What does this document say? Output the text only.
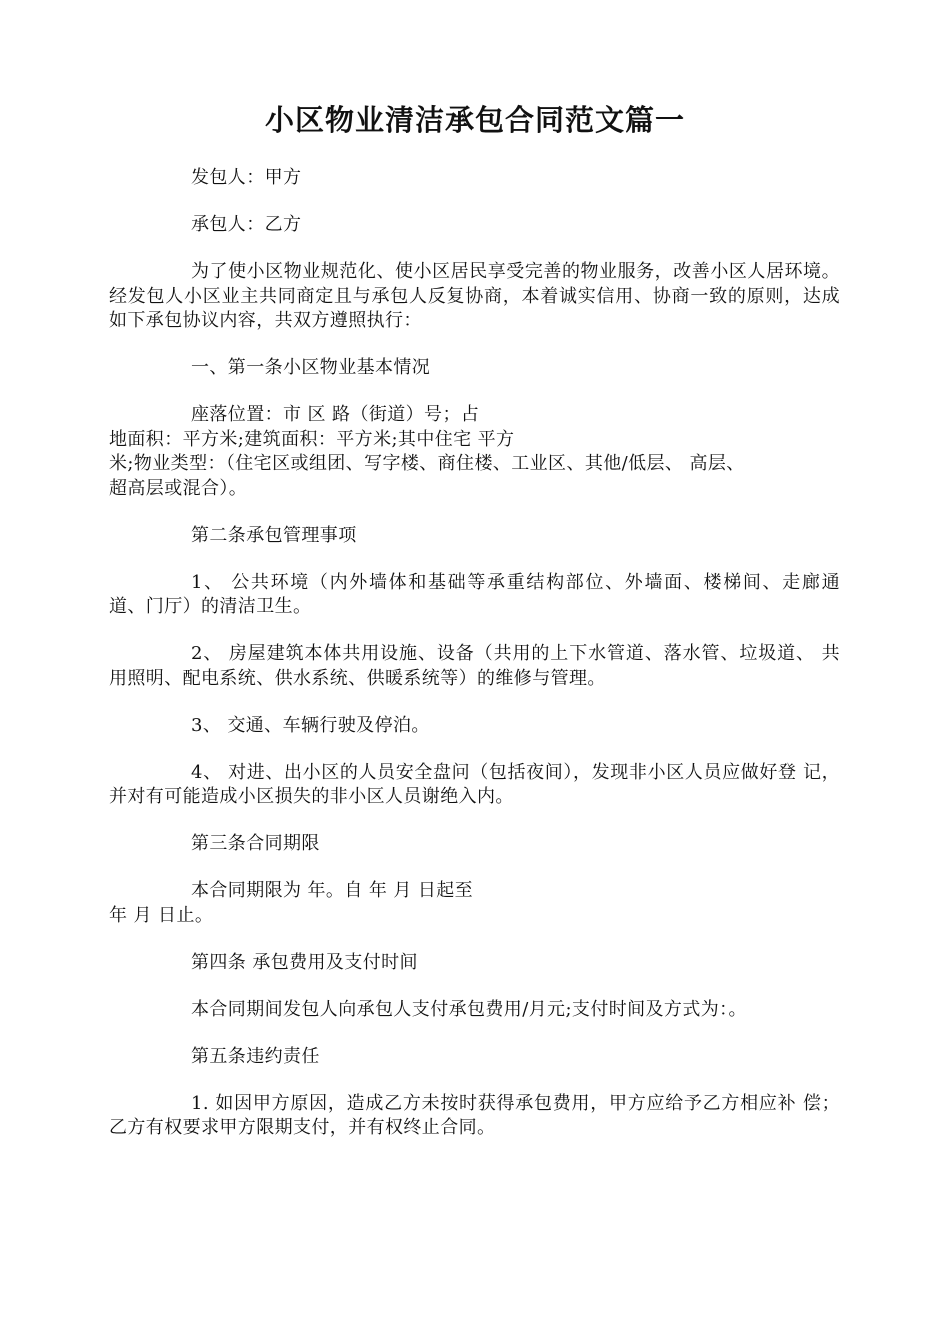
小区物业清洁承包合同范文篇一

发包人：甲方

承包人：乙方

为了使小区物业规范化、使小区居民享受完善的物业服务，改善小区人居环境。经发包人小区业主共同商定且与承包人反复协商，本着诚实信用、协商一致的原则，达成如下承包协议内容，共双方遵照执行：

一、第一条小区物业基本情况

座落位置：市 区 路（街道）号；占
地面积：平方米;建筑面积：平方米;其中住宅 平方
米;物业类型：（住宅区或组团、写字楼、商住楼、工业区、其他/低层、 高层、
超高层或混合）。

第二条承包管理事项

1、 公共环境（内外墙体和基础等承重结构部位、外墙面、楼梯间、走廊通 道、门厅）的清洁卫生。

2、 房屋建筑本体共用设施、设备（共用的上下水管道、落水管、垃圾道、 共用照明、配电系统、供水系统、供暖系统等）的维修与管理。

3、 交通、车辆行驶及停泊。

4、 对进、出小区的人员安全盘问（包括夜间），发现非小区人员应做好登 记，并对有可能造成小区损失的非小区人员谢绝入内。

第三条合同期限

本合同期限为 年。自 年 月 日起至
年 月 日止。

第四条 承包费用及支付时间

本合同期间发包人向承包人支付承包费用/月元;支付时间及方式为：。

第五条违约责任

1. 如因甲方原因，造成乙方未按时获得承包费用，甲方应给予乙方相应补 偿；乙方有权要求甲方限期支付，并有权终止合同。
